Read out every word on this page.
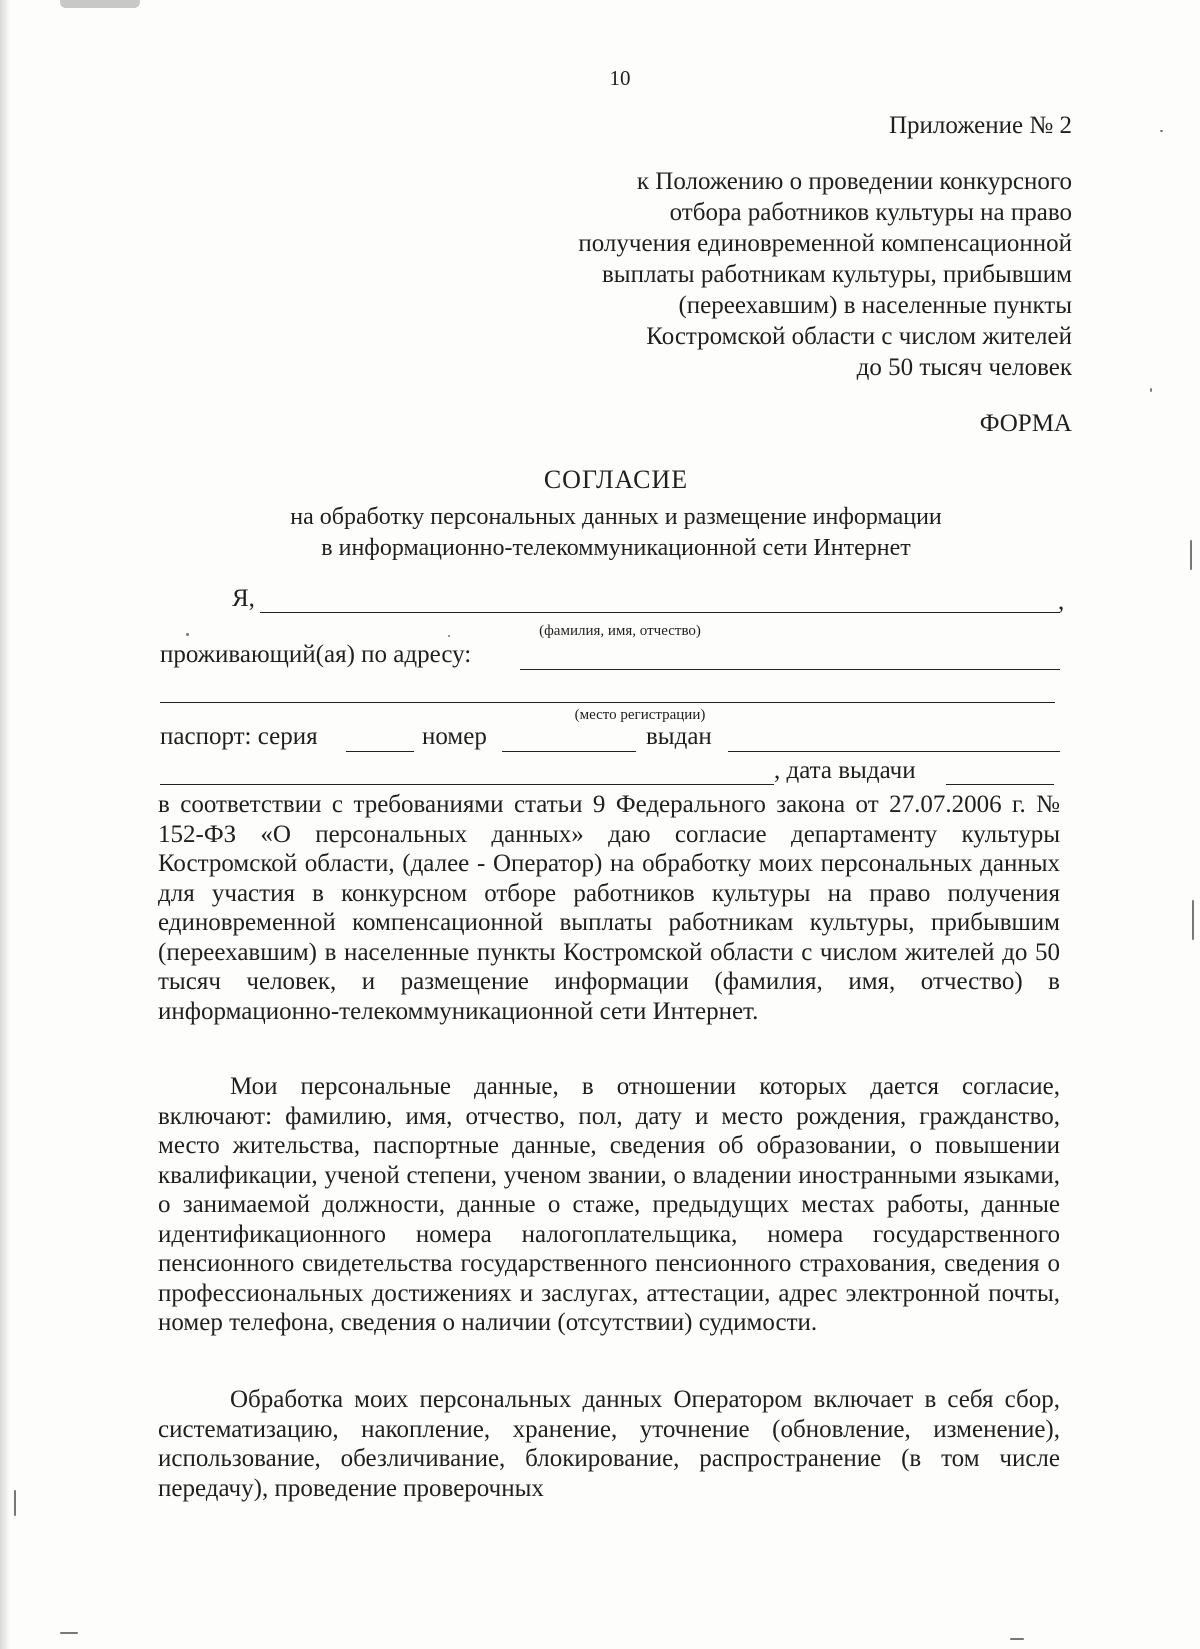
10
Приложение № 2
к Положению о проведении конкурсного
отбора работников культуры на право
получения единовременной компенсационной
выплаты работникам культуры, прибывшим
(переехавшим) в населенные пункты
Костромской области с числом жителей
до 50 тысяч человек
ФОРМА
СОГЛАСИЕ
на обработку персональных данных и размещение информации
в информационно-телекоммуникационной сети Интернет
Я,	,
(фамилия, имя, отчество)
проживающий(ая) по адресу:
(место регистрации)
паспорт: серия	номер	выдан
, дата выдачи

в соответствии с требованиями статьи 9 Федерального закона от 27.07.2006 г. № 152-ФЗ «О персональных данных» даю согласие департаменту культуры Костромской области, (далее - Оператор) на обработку моих персональных данных для участия в конкурсном отборе работников культуры на право получения единовременной компенсационной выплаты работникам культуры, прибывшим (переехавшим) в населенные пункты Костромской области с числом жителей до 50 тысяч человек, и размещение информации (фамилия, имя, отчество) в информационно-телекоммуникационной сети Интернет.

Мои персональные данные, в отношении которых дается согласие, включают: фамилию, имя, отчество, пол, дату и место рождения, гражданство, место жительства, паспортные данные, сведения об образовании, о повышении квалификации, ученой степени, ученом звании, о владении иностранными языками, о занимаемой должности, данные о стаже, предыдущих местах работы, данные идентификационного номера налогоплательщика, номера государственного пенсионного свидетельства государственного пенсионного страхования, сведения о профессиональных достижениях и заслугах, аттестации, адрес электронной почты, номер телефона, сведения о наличии (отсутствии) судимости.

Обработка моих персональных данных Оператором включает в себя сбор, систематизацию, накопление, хранение, уточнение (обновление, изменение), использование, обезличивание, блокирование, распространение (в том числе передачу), проведение проверочных
